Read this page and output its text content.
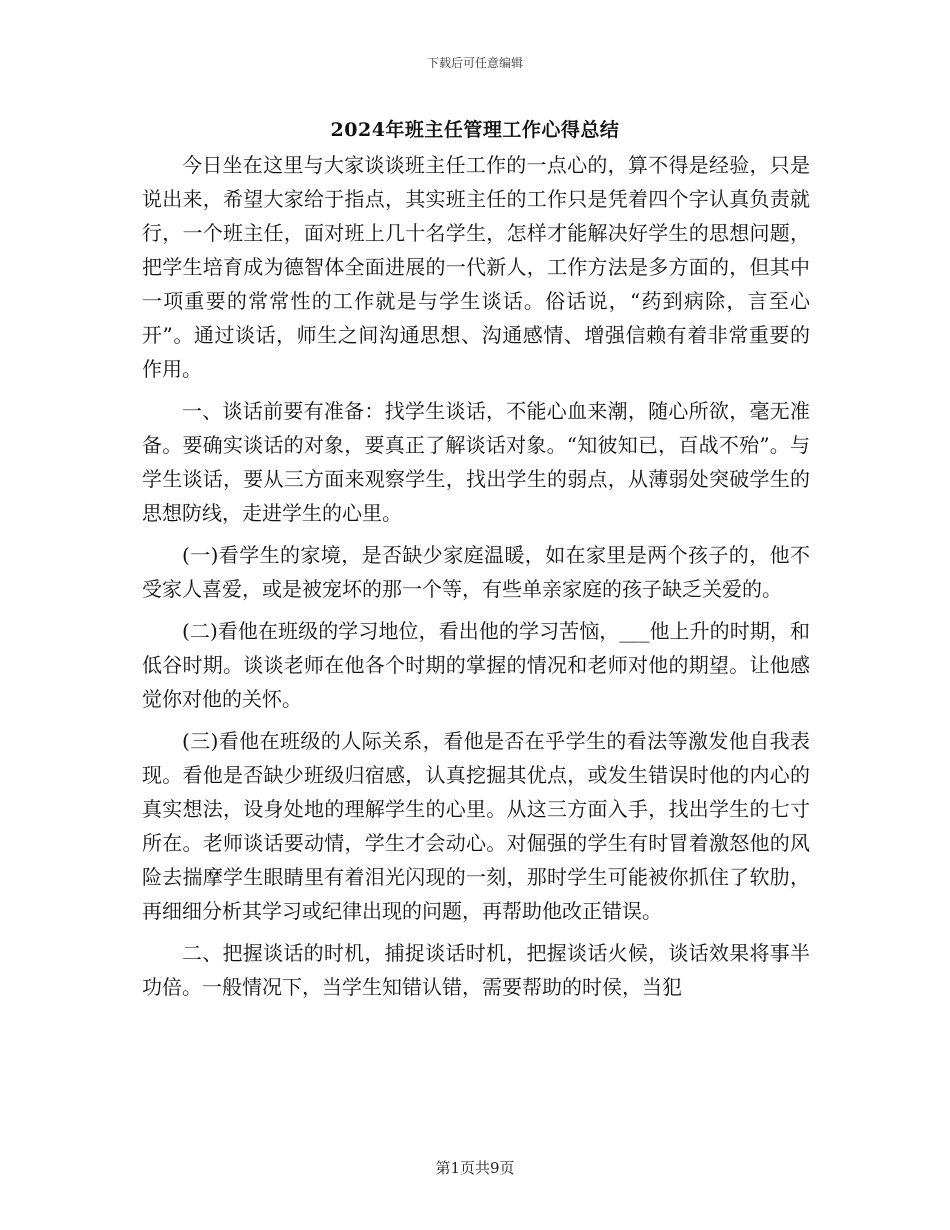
下载后可任意编辑
2024年班主任管理工作心得总结

今日坐在这里与大家谈谈班主任工作的一点心的，算不得是经验，只是说出来，希望大家给于指点，其实班主任的工作只是凭着四个字认真负责就行，一个班主任，面对班上几十名学生，怎样才能解决好学生的思想问题，把学生培育成为德智体全面进展的一代新人，工作方法是多方面的，但其中一项重要的常常性的工作就是与学生谈话。俗话说，“药到病除，言至心开”。通过谈话，师生之间沟通思想、沟通感情、增强信赖有着非常重要的作用。

一、谈话前要有准备：找学生谈话，不能心血来潮，随心所欲，毫无准备。要确实谈话的对象，要真正了解谈话对象。“知彼知已，百战不殆”。与学生谈话，要从三方面来观察学生，找出学生的弱点，从薄弱处突破学生的思想防线，走进学生的心里。

(一)看学生的家境，是否缺少家庭温暖，如在家里是两个孩子的，他不受家人喜爱，或是被宠坏的那一个等，有些单亲家庭的孩子缺乏关爱的。

(二)看他在班级的学习地位，看出他的学习苦恼，___他上升的时期，和低谷时期。谈谈老师在他各个时期的掌握的情况和老师对他的期望。让他感觉你对他的关怀。

(三)看他在班级的人际关系，看他是否在乎学生的看法等激发他自我表现。看他是否缺少班级归宿感，认真挖掘其优点，或发生错误时他的内心的真实想法，设身处地的理解学生的心里。从这三方面入手，找出学生的七寸所在。老师谈话要动情，学生才会动心。对倔强的学生有时冒着激怒他的风险去揣摩学生眼睛里有着泪光闪现的一刻，那时学生可能被你抓住了软肋，再细细分析其学习或纪律出现的问题，再帮助他改正错误。

二、把握谈话的时机，捕捉谈话时机，把握谈话火候，谈话效果将事半功倍。一般情况下，当学生知错认错，需要帮助的时侯，当犯

第1页共9页
